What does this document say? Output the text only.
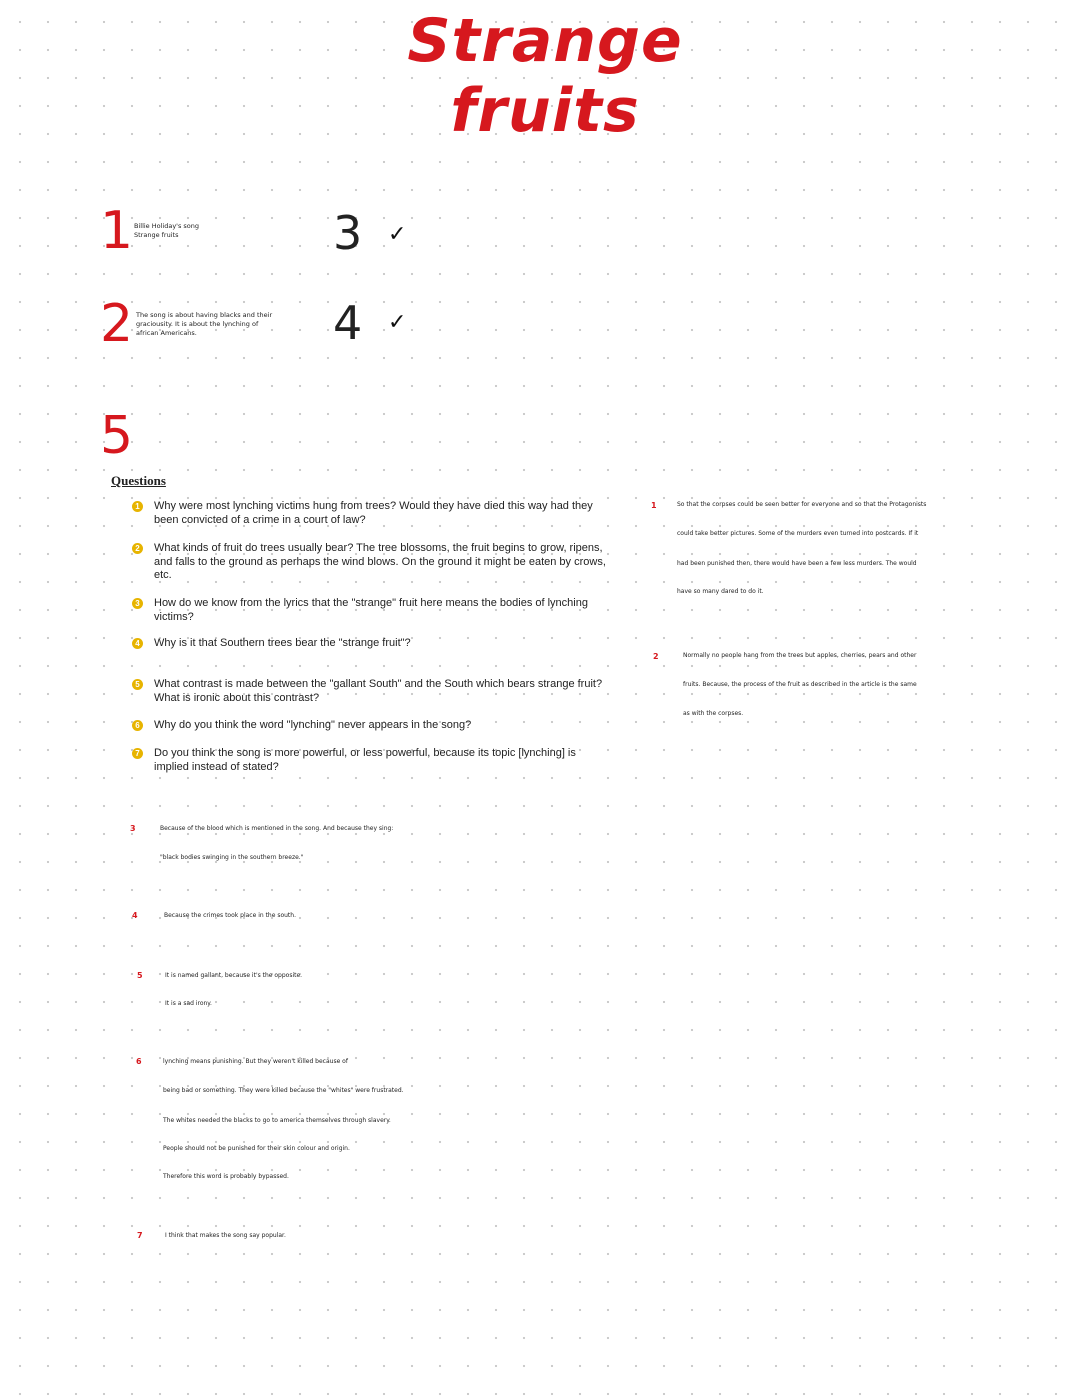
Strange fruits
1 Billie Holiday's song
Strange fruits
2 The song is about having blacks and their
graciousity. It is about the lynching of
african Americans.
3 ✓
4 ✓
5
Questions
1 Why were most lynching victims hung from trees? Would they have died this way had they been convicted of a crime in a court of law?
2 What kinds of fruit do trees usually bear? The tree blossoms, the fruit begins to grow, ripens, and falls to the ground as perhaps the wind blows. On the ground it might be eaten by crows, etc.
3 How do we know from the lyrics that the "strange" fruit here means the bodies of lynching victims?
4 Why is it that Southern trees bear the "strange fruit"?
5 What contrast is made between the "gallant South" and the South which bears strange fruit? What is ironic about this contrast?
6 Why do you think the word "lynching" never appears in the song?
7 Do you think the song is more powerful, or less powerful, because its topic [lynching] is implied instead of stated?
1	So that the corpses could be seen better for everyone and so that the Protagonists
could take better pictures. Some of the murders even turned into postcards. If it
had been punished then, there would have been a few less murders. The would
have so many dared to do it.
2	Normally no people hang from the trees but apples, cherries, pears and other
fruits. Because, the process of the fruit as described in the article is the same
as with the corpses.
3	Because of the blood which is mentioned in the song. And because they sing:
"black bodies swinging in the southern breeze."
4	Because the crimes took place in the south.
5	It is named gallant, because it's the opposite.
It is a sad irony.
6	lynching means punishing. But they weren't killed because of
being bad or something. They were killed because the "whites" were frustrated.
The whites needed the blacks to go to america themselves through slavery.
People should not be punished for their skin colour and origin.
Therefore this word is probably bypassed.
7	I think that makes the song say popular.
